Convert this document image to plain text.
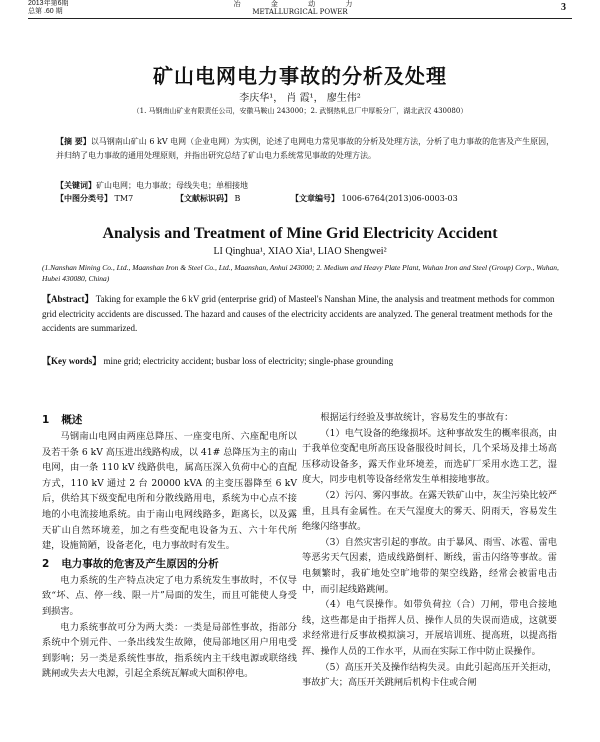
2013年第6期
总第 .60 期
冶 金 动 力
METALLURGICAL POWER	3
矿山电网电力事故的分析及处理
李庆华¹， 肖 霞¹， 廖生伟²
（1. 马钢南山矿业有限责任公司，安徽马鞍山 243000；2. 武钢热轧总厂中厚板分厂，湖北武汉 430080）
【摘 要】以马钢南山矿山 6 kV 电网（企业电网）为实例，论述了电网电力常见事故的分析及处理方法，分析了电力事故的危害及产生原因，并归纳了电力事故的通用处理原则，并指出研究总结了矿山电力系统常见事故的处理方法。
【关键词】矿山电网；电力事故；母线失电；单相接地
【中图分类号】 TM7	【文献标识码】 B	【文章编号】 1006-6764(2013)06-0003-03
Analysis and Treatment of Mine Grid Electricity Accident
LI Qinghua¹, XIAO Xia¹, LIAO Shengwei²
(1.Nanshan Mining Co., Ltd., Maanshan Iron & Steel Co., Ltd., Maanshan, Anhui 243000; 2. Medium and Heavy Plate Plant, Wuhan Iron and Steel (Group) Corp., Wuhan, Hubei 430080, China)
【Abstract】 Taking for example the 6 kV grid (enterprise grid) of Masteel's Nanshan Mine, the analysis and treatment methods for common grid electricity accidents are discussed. The hazard and causes of the electricity accidents are analyzed. The general treatment methods for the accidents are summarized.
【Key words】 mine grid; electricity accident; busbar loss of electricity; single-phase grounding
1 概述

马钢南山电网由两座总降压、一座变电所、六座配电所以及若干条 6 kV 高压进出线路构成，以 41# 总降压为主的南山电网，由一条 110 kV 线路供电，属高压深入负荷中心的直配方式，110 kV 通过 2 台 20000 kVA 的主变压器降至 6 kV 后，供给其下级变配电所和分散线路用电，系统为中心点不接地的小电流接地系统。由于南山电网线路多，距离长，以及露天矿山自然环境差，加之有些变配电设备为五、六十年代所建，设施简陋，设备老化，电力事故时有发生。

2 电力事故的危害及产生原因的分析

电力系统的生产特点决定了电力系统发生事故时，不仅导致“坏、点、停一线、限一片”局面的发生，而且可能使人身受到损害。

电力系统事故可分为两大类：一类是局部性事故，指部分系统中个别元件、一条出线发生故障，使局部地区用户用电受到影响；另一类是系统性事故，指系统内主干线电源或联络线跳闸或失去大电源，引起全系统瓦解或大面积停电。

根据运行经验及事故统计，容易发生的事故有：

（1）电气设备的绝缘损坏。这种事故发生的概率很高，由于我单位变配电所高压设备服役时间长，几个采场及排土场高压移动设备多，露天作业环境差，而选矿厂采用水选工艺，湿度大，同步电机等设备经常发生单相接地事故。

（2）污闪、雾闪事故。在露天铁矿山中，灰尘污染比较严重，且具有金属性。在天气湿度大的雾天、阴雨天，容易发生绝缘闪络事故。

（3）自然灾害引起的事故。由于暴风、雨雪、冰雹、雷电等恶劣天气因素，造成线路倒杆、断线，雷击闪络等事故。雷电频繁时，我矿地处空旷地带的架空线路，经常会被雷电击中，而引起线路跳闸。

（4）电气误操作。如带负荷拉（合）刀闸，带电合接地线，这些都是由于指挥人员、操作人员的失误而造成，这就要求经常进行反事故模拟演习，开展培训班、提高班，以提高指挥、操作人员的工作水平，从而在实际工作中防止误操作。

（5）高压开关及操作结构失灵。由此引起高压开关拒动，事故扩大；高压开关跳闸后机构卡住或合闸
